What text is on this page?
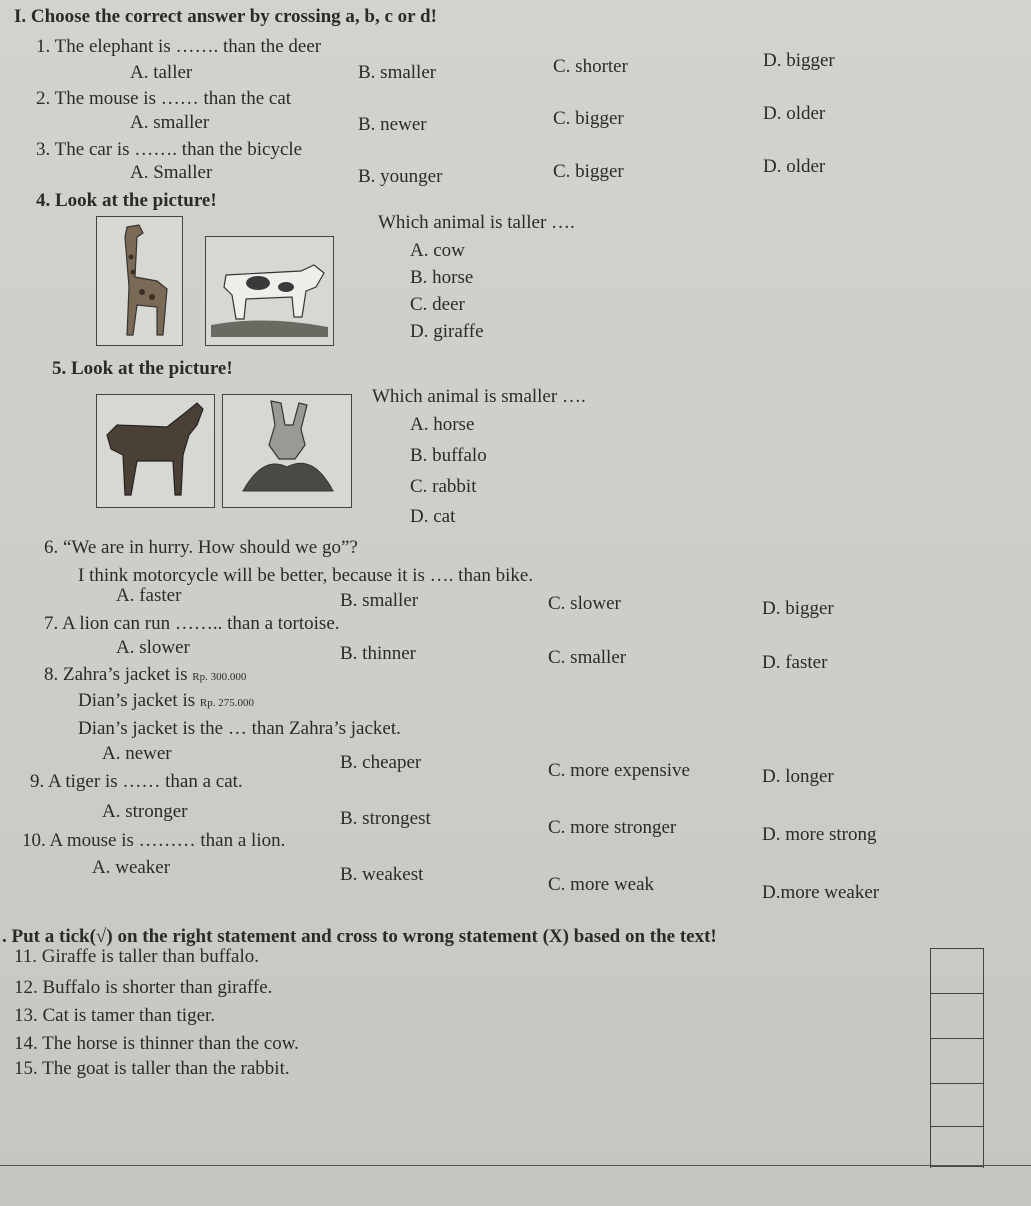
I. Choose the correct answer by crossing a, b, c or d!
1. The elephant is ……. than the deer
A. taller	B. smaller	C. shorter	D. bigger
2. The mouse is …… than the cat
A. smaller	B. newer	C. bigger	D. older
3. The car is ……. than the bicycle
A. Smaller	B. younger	C. bigger	D. older
4. Look at the picture!
Which animal is taller ….
A. cow
B. horse
C. deer
D. giraffe
5. Look at the picture!
Which animal is smaller ….
A. horse
B. buffalo
C. rabbit
D. cat
6. “We are in hurry. How should we go”?
I think motorcycle will be better, because it is …. than bike.
A. faster	B. smaller	C. slower	D. bigger
7. A lion can run …….. than a tortoise.
A. slower	B. thinner	C. smaller	D. faster
8. Zahra’s jacket is Rp. 300.000
Dian’s jacket is Rp. 275.000
Dian’s jacket is the … than Zahra’s jacket.
A. newer	B. cheaper	C. more expensive	D. longer
9. A tiger is …… than a cat.
A. stronger	B. strongest	C. more stronger	D. more strong
10. A mouse is ……… than a lion.
A. weaker	B. weakest	C. more weak	D.more weaker
. Put a tick(√) on the right statement and cross to wrong statement (X) based on the text!
11. Giraffe is taller than buffalo.
12. Buffalo is shorter than giraffe.
13. Cat is tamer than tiger.
14. The horse is thinner than the cow.
15. The goat is taller than the rabbit.
